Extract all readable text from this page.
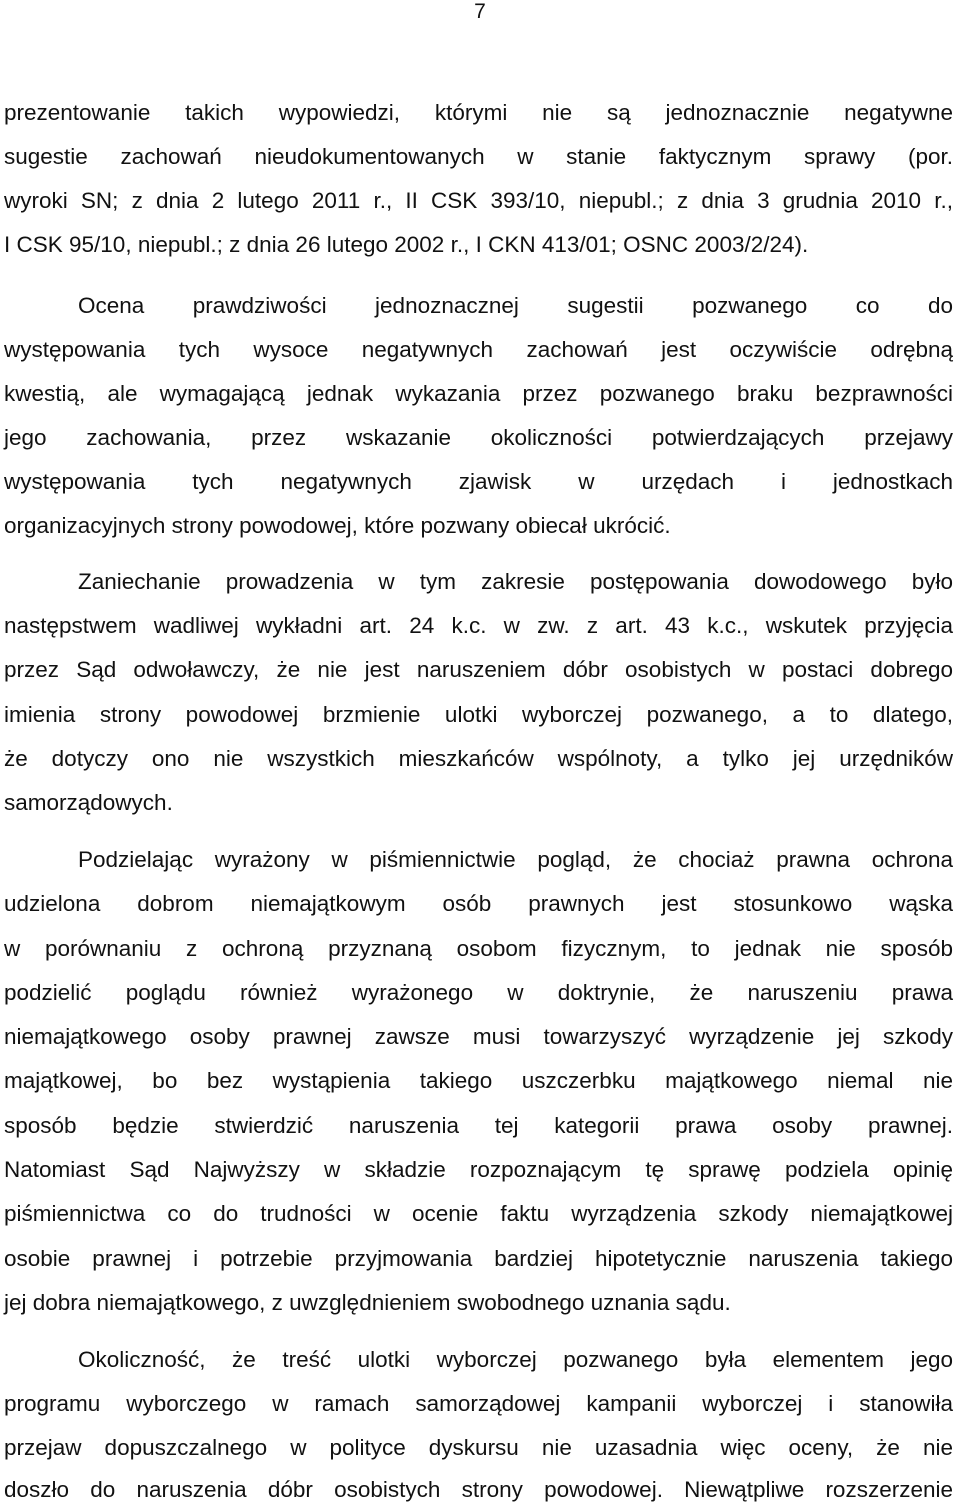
7
prezentowanie takich wypowiedzi, którymi nie są jednoznacznie negatywne
sugestie zachowań nieudokumentowanych w stanie faktycznym sprawy (por.
wyroki SN; z dnia 2 lutego 2011 r., II CSK 393/10, niepubl.; z dnia 3 grudnia 2010 r.,
I CSK 95/10, niepubl.; z dnia 26 lutego 2002 r., I CKN 413/01; OSNC 2003/2/24).
Ocena prawdziwości jednoznacznej sugestii pozwanego co do
występowania tych wysoce negatywnych zachowań jest oczywiście odrębną
kwestią, ale wymagającą jednak wykazania przez pozwanego braku bezprawności
jego zachowania, przez wskazanie okoliczności potwierdzających przejawy
występowania tych negatywnych zjawisk w urzędach i jednostkach
organizacyjnych strony powodowej, które pozwany obiecał ukrócić.
Zaniechanie prowadzenia w tym zakresie postępowania dowodowego było
następstwem wadliwej wykładni art. 24 k.c. w zw. z art. 43 k.c., wskutek przyjęcia
przez Sąd odwoławczy, że nie jest naruszeniem dóbr osobistych w postaci dobrego
imienia strony powodowej brzmienie ulotki wyborczej pozwanego, a to dlatego,
że dotyczy ono nie wszystkich mieszkańców wspólnoty, a tylko jej urzędników
samorządowych.
Podzielając wyrażony w piśmiennictwie pogląd, że chociaż prawna ochrona
udzielona dobrom niemajątkowym osób prawnych jest stosunkowo wąska
w porównaniu z ochroną przyznaną osobom fizycznym, to jednak nie sposób
podzielić poglądu również wyrażonego w doktrynie, że naruszeniu prawa
niemajątkowego osoby prawnej zawsze musi towarzyszyć wyrządzenie jej szkody
majątkowej, bo bez wystąpienia takiego uszczerbku majątkowego niemal nie
sposób będzie stwierdzić naruszenia tej kategorii prawa osoby prawnej.
Natomiast Sąd Najwyższy w składzie rozpoznającym tę sprawę podziela opinię
piśmiennictwa co do trudności w ocenie faktu wyrządzenia szkody niemajątkowej
osobie prawnej i potrzebie przyjmowania bardziej hipotetycznie naruszenia takiego
jej dobra niemajątkowego, z uwzględnieniem swobodnego uznania sądu.
Okoliczność, że treść ulotki wyborczej pozwanego była elementem jego
programu wyborczego w ramach samorządowej kampanii wyborczej i stanowiła
przejaw dopuszczalnego w polityce dyskursu nie uzasadnia więc oceny, że nie
doszło do naruszenia dóbr osobistych strony powodowej. Niewątpliwe rozszerzenie
